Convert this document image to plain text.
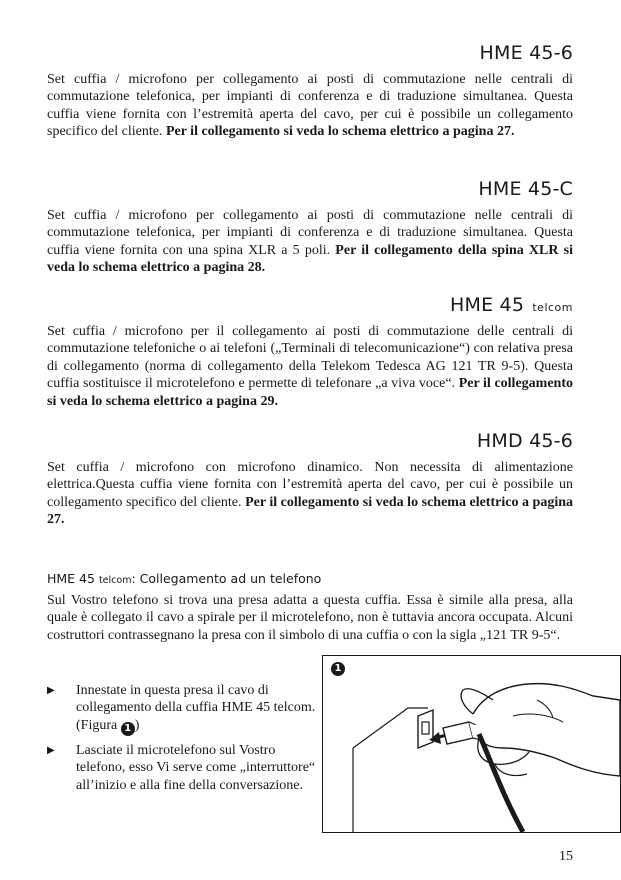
HME 45-6

Set cuffia / microfono per collegamento ai posti di commutazione nelle centrali di commutazione telefonica, per impianti di conferenza e di traduzione simultanea. Questa cuffia viene fornita con l’estremità aperta del cavo, per cui è possibile un collegamento specifico del cliente. Per il collegamento si veda lo schema elettrico a pagina 27.

HME 45-C

Set cuffia / microfono per collegamento ai posti di commutazione nelle centrali di commutazione telefonica, per impianti di conferenza e di traduzione simultanea. Questa cuffia viene fornita con una spina XLR a 5 poli. Per il collegamento della spina XLR si veda lo schema elettrico a pagina 28.

HME 45 telcom

Set cuffia / microfono per il collegamento ai posti di commutazione delle centrali di commutazione telefoniche o ai telefoni („Terminali di telecomunicazione“) con relativa presa di collegamento (norma di collegamento della Telekom Tedesca AG 121 TR 9-5). Questa cuffia sostituisce il microtelefono e permette di telefonare „a viva voce“. Per il collegamento si veda lo schema elettrico a pagina 29.

HMD 45-6

Set cuffia / microfono con microfono dinamico. Non necessita di alimentazione elettrica.Questa cuffia viene fornita con l’estremità aperta del cavo, per cui è possibile un collegamento specifico del cliente. Per il collegamento si veda lo schema elettrico a pagina 27.

HME 45 telcom: Collegamento ad un telefono

Sul Vostro telefono si trova una presa adatta a questa cuffia. Essa è simile alla presa, alla quale è collegato il cavo a spirale per il microtelefono, non è tuttavia ancora occupata. Alcuni costruttori contrassegnano la presa con il simbolo di una cuffia o con la sigla „121 TR 9-5“.

▶ Innestate in questa presa il cavo di collegamento della cuffia HME 45 telcom. (Figura 1 )
▶ Lasciate il microtelefono sul Vostro telefono, esso Vi serve come „interruttore“ all’inizio e alla fine della conversazione.
1
15
